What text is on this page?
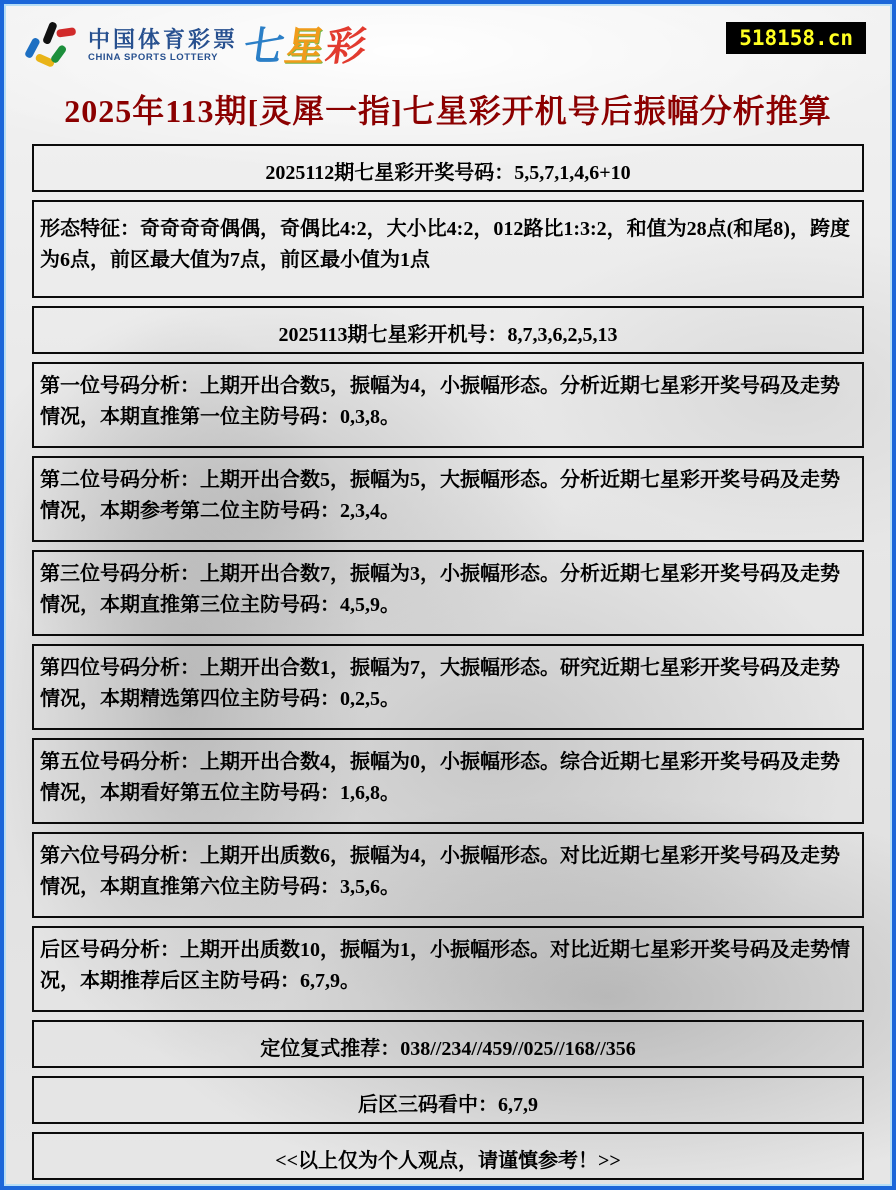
中国体育彩票
CHINA SPORTS LOTTERY 七星彩	518158.cn
2025年113期[灵犀一指]七星彩开机号后振幅分析推算
2025112期七星彩开奖号码：5,5,7,1,4,6+10
形态特征：奇奇奇奇偶偶，奇偶比4:2，大小比4:2，012路比1:3:2，和值为28点(和尾8)，跨度为6点，前区最大值为7点，前区最小值为1点
2025113期七星彩开机号：8,7,3,6,2,5,13
第一位号码分析：上期开出合数5，振幅为4，小振幅形态。分析近期七星彩开奖号码及走势情况，本期直推第一位主防号码：0,3,8。
第二位号码分析：上期开出合数5，振幅为5，大振幅形态。分析近期七星彩开奖号码及走势情况，本期参考第二位主防号码：2,3,4。
第三位号码分析：上期开出合数7，振幅为3，小振幅形态。分析近期七星彩开奖号码及走势情况，本期直推第三位主防号码：4,5,9。
第四位号码分析：上期开出合数1，振幅为7，大振幅形态。研究近期七星彩开奖号码及走势情况，本期精选第四位主防号码：0,2,5。
第五位号码分析：上期开出合数4，振幅为0，小振幅形态。综合近期七星彩开奖号码及走势情况，本期看好第五位主防号码：1,6,8。
第六位号码分析：上期开出质数6，振幅为4，小振幅形态。对比近期七星彩开奖号码及走势情况，本期直推第六位主防号码：3,5,6。
后区号码分析：上期开出质数10，振幅为1，小振幅形态。对比近期七星彩开奖号码及走势情况，本期推荐后区主防号码：6,7,9。
定位复式推荐：038//234//459//025//168//356
后区三码看中：6,7,9
<<以上仅为个人观点，请谨慎参考！>>
